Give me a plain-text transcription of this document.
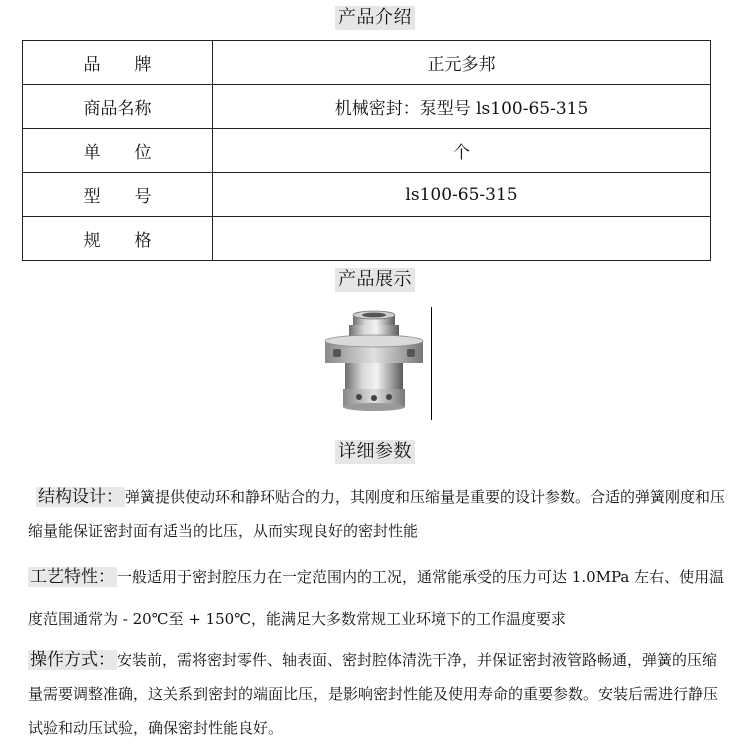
产品介绍
品　　牌	正元多邦
商品名称	机械密封：泵型号 ls100-65-315
单　　位	个
型　　号	ls100-65-315
规　　格	
产品展示
详细参数
结构设计： 弹簧提供使动环和静环贴合的力，其刚度和压缩量是重要的设计参数。合适的弹簧刚度和压缩量能保证密封面有适当的比压，从而实现良好的密封性能
工艺特性： 一般适用于密封腔压力在一定范围内的工况，通常能承受的压力可达 1.0MPa 左右、使用温度范围通常为 - 20℃至 + 150℃，能满足大多数常规工业环境下的工作温度要求
操作方式： 安装前，需将密封零件、轴表面、密封腔体清洗干净，并保证密封液管路畅通，弹簧的压缩量需要调整准确，这关系到密封的端面比压，是影响密封性能及使用寿命的重要参数。安装后需进行静压试验和动压试验，确保密封性能良好。
